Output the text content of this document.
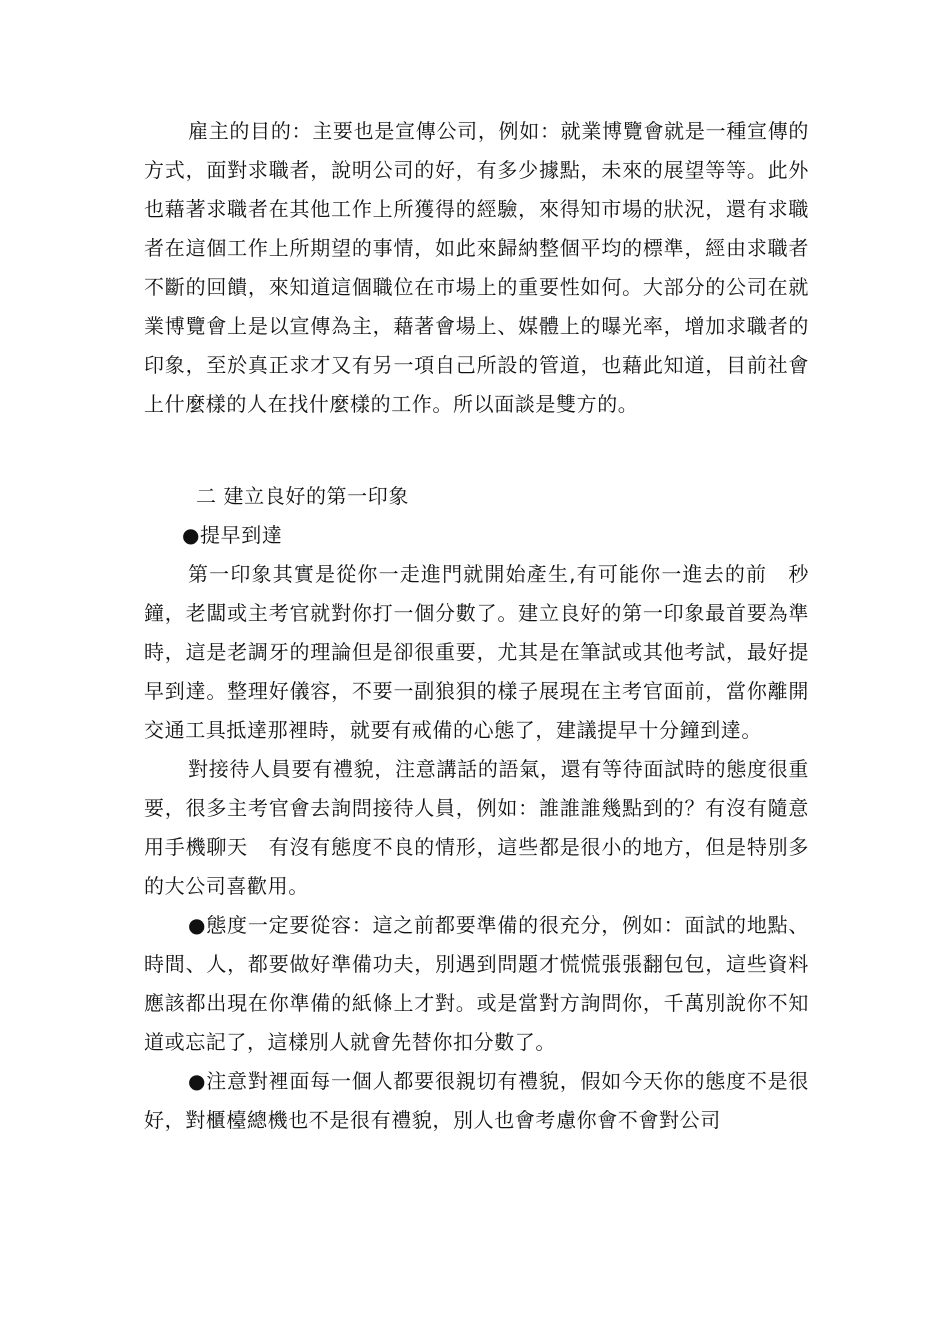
雇主的目的：主要也是宣傳公司，例如：就業博覽會就是一種宣傳的方式，面對求職者，說明公司的好，有多少據點，未來的展望等等。此外也藉著求職者在其他工作上所獲得的經驗，來得知市場的狀況，還有求職者在這個工作上所期望的事情，如此來歸納整個平均的標準，經由求職者不斷的回饋，來知道這個職位在市場上的重要性如何。大部分的公司在就業博覽會上是以宣傳為主，藉著會場上、媒體上的曝光率，增加求職者的印象，至於真正求才又有另一項自己所設的管道，也藉此知道，目前社會上什麼樣的人在找什麼樣的工作。所以面談是雙方的。

二 建立良好的第一印象

●提早到達

第一印象其實是從你一走進門就開始產生,有可能你一進去的前　秒鐘，老闆或主考官就對你打一個分數了。建立良好的第一印象最首要為準時，這是老調牙的理論但是卻很重要，尤其是在筆試或其他考試，最好提早到達。整理好儀容，不要一副狼狽的樣子展現在主考官面前，當你離開交通工具抵達那裡時，就要有戒備的心態了，建議提早十分鐘到達。

對接待人員要有禮貌，注意講話的語氣，還有等待面試時的態度很重要，很多主考官會去詢問接待人員，例如：誰誰誰幾點到的？有沒有隨意用手機聊天　有沒有態度不良的情形，這些都是很小的地方，但是特別多的大公司喜歡用。

●態度一定要從容：這之前都要準備的很充分，例如：面試的地點、時間、人，都要做好準備功夫，別遇到問題才慌慌張張翻包包，這些資料應該都出現在你準備的紙條上才對。或是當對方詢問你，千萬別說你不知道或忘記了，這樣別人就會先替你扣分數了。

●注意對裡面每一個人都要很親切有禮貌，假如今天你的態度不是很好，對櫃檯總機也不是很有禮貌，別人也會考慮你會不會對公司
